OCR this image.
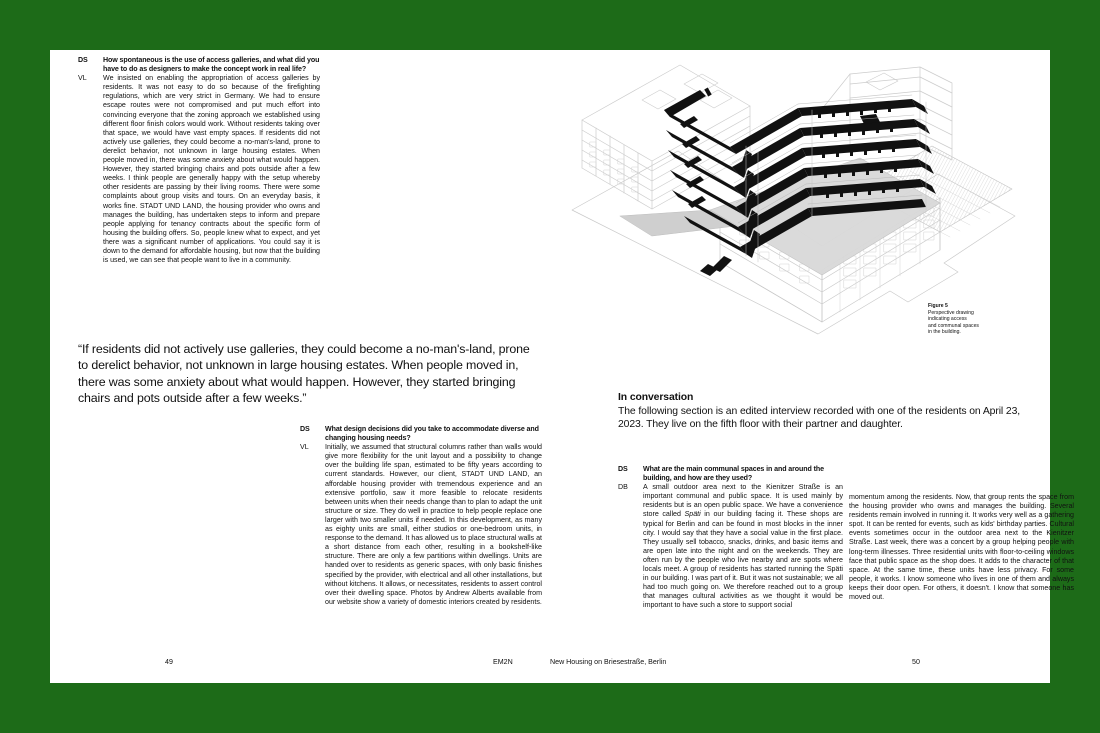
DS	How spontaneous is the use of access galleries, and what did you have to do as designers to make the concept work in real life?
VL	We insisted on enabling the appropriation of access galleries by residents. It was not easy to do so because of the firefighting regulations, which are very strict in Germany. We had to ensure escape routes were not compromised and put much effort into convincing everyone that the zoning approach we established using different floor finish colors would work. Without residents taking over that space, we would have vast empty spaces. If residents did not actively use galleries, they could become a no-man's-land, prone to derelict behavior, not unknown in large housing estates. When people moved in, there was some anxiety about what would happen. However, they started bringing chairs and pots outside after a few weeks. I think people are generally happy with the setup whereby other residents are passing by their living rooms. There were some complaints about group visits and tours. On an everyday basis, it works fine. STADT UND LAND, the housing provider who owns and manages the building, has undertaken steps to inform and prepare people applying for tenancy contracts about the specific form of housing the building offers. So, people knew what to expect, and yet there was a significant number of applications. You could say it is down to the demand for affordable housing, but now that the building is used, we can see that people want to live in a community.
“If residents did not actively use galleries, they could become a no-man's-land, prone to derelict behavior, not unknown in large housing estates. When people moved in, there was some anxiety about what would happen. However, they started bringing chairs and pots outside after a few weeks.”
DS	What design decisions did you take to accommodate diverse and changing housing needs?
VL	Initially, we assumed that structural columns rather than walls would give more flexibility for the unit layout and a possibility to change over the building life span, estimated to be fifty years according to current standards. However, our client, STADT UND LAND, an affordable housing provider with tremendous experience and an extensive portfolio, saw it more feasible to relocate residents between units when their needs change than to plan to adapt the unit structure or size. They do well in practice to help people replace one larger with two smaller units if needed. In this development, as many as eighty units are small, either studios or one-bedroom units, in response to the demand. It has allowed us to place structural walls at a short distance from each other, resulting in a bookshelf-like structure. There are only a few partitions within dwellings. Units are handed over to residents as generic spaces, with only basic finishes specified by the provider, with electrical and all other installations, but without kitchens. It allows, or necessitates, residents to assert control over their dwelling space. Photos by Andrew Alberts available from our website show a variety of domestic interiors created by residents.
Figure 5
Perspective drawing
indicating access
and communal spaces
in the building.
In conversation
The following section is an edited interview recorded with one of the residents on April 23, 2023. They live on the fifth floor with their partner and daughter.
DS	What are the main communal spaces in and around the building, and how are they used?
DB	A small outdoor area next to the Kienitzer Straße is an important communal and public space. It is used mainly by residents but is an open public space. We have a convenience store called Späti in our building facing it. These shops are typical for Berlin and can be found in most blocks in the inner city. I would say that they have a social value in the first place. They usually sell tobacco, snacks, drinks, and basic items and are open late into the night and on the weekends. They are often run by the people who live nearby and are spots where locals meet. A group of residents has started running the Späti in our building. I was part of it. But it was not sustainable; we all had too much going on. We therefore reached out to a group that manages cultural activities as we thought it would be important to have such a store to support social
momentum among the residents. Now, that group rents the space from the housing provider who owns and manages the building. Several residents remain involved in running it. It works very well as a gathering spot. It can be rented for events, such as kids' birthday parties. Cultural events sometimes occur in the outdoor area next to the Kienitzer Straße. Last week, there was a concert by a group helping people with long-term illnesses. Three residential units with floor-to-ceiling windows face that public space as the shop does. It adds to the character of that space. At the same time, these units have less privacy. For some people, it works. I know someone who lives in one of them and always keeps their door open. For others, it doesn't. I know that someone has moved out.
49	EM2N	New Housing on Briesestraße, Berlin	50
